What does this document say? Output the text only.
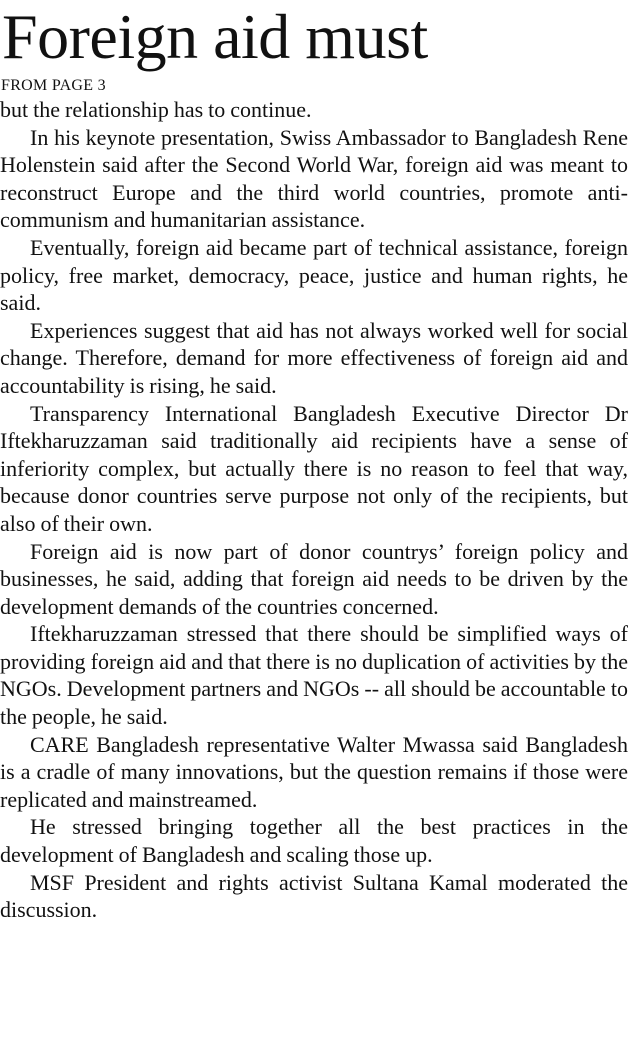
Foreign aid must
FROM PAGE 3

but the relationship has to continue.

In his keynote presentation, Swiss Ambassador to Bangladesh Rene Holenstein said after the Second World War, foreign aid was meant to reconstruct Europe and the third world countries, promote anti-communism and humanitarian assistance.

Eventually, foreign aid became part of technical assistance, foreign policy, free market, democracy, peace, justice and human rights, he said.

Experiences suggest that aid has not always worked well for social change. Therefore, demand for more effectiveness of foreign aid and accountability is rising, he said.

Transparency International Bangladesh Executive Director Dr Iftekharuzzaman said traditionally aid recipients have a sense of inferiority complex, but actually there is no reason to feel that way, because donor countries serve purpose not only of the recipients, but also of their own.

Foreign aid is now part of donor countrys’ foreign policy and businesses, he said, adding that foreign aid needs to be driven by the development demands of the countries concerned.

Iftekharuzzaman stressed that there should be simplified ways of providing foreign aid and that there is no duplication of activities by the NGOs. Development partners and NGOs -- all should be accountable to the people, he said.

CARE Bangladesh representative Walter Mwassa said Bangladesh is a cradle of many innovations, but the question remains if those were replicated and mainstreamed.

He stressed bringing together all the best practices in the development of Bangladesh and scaling those up.

MSF President and rights activist Sultana Kamal moderated the discussion.
